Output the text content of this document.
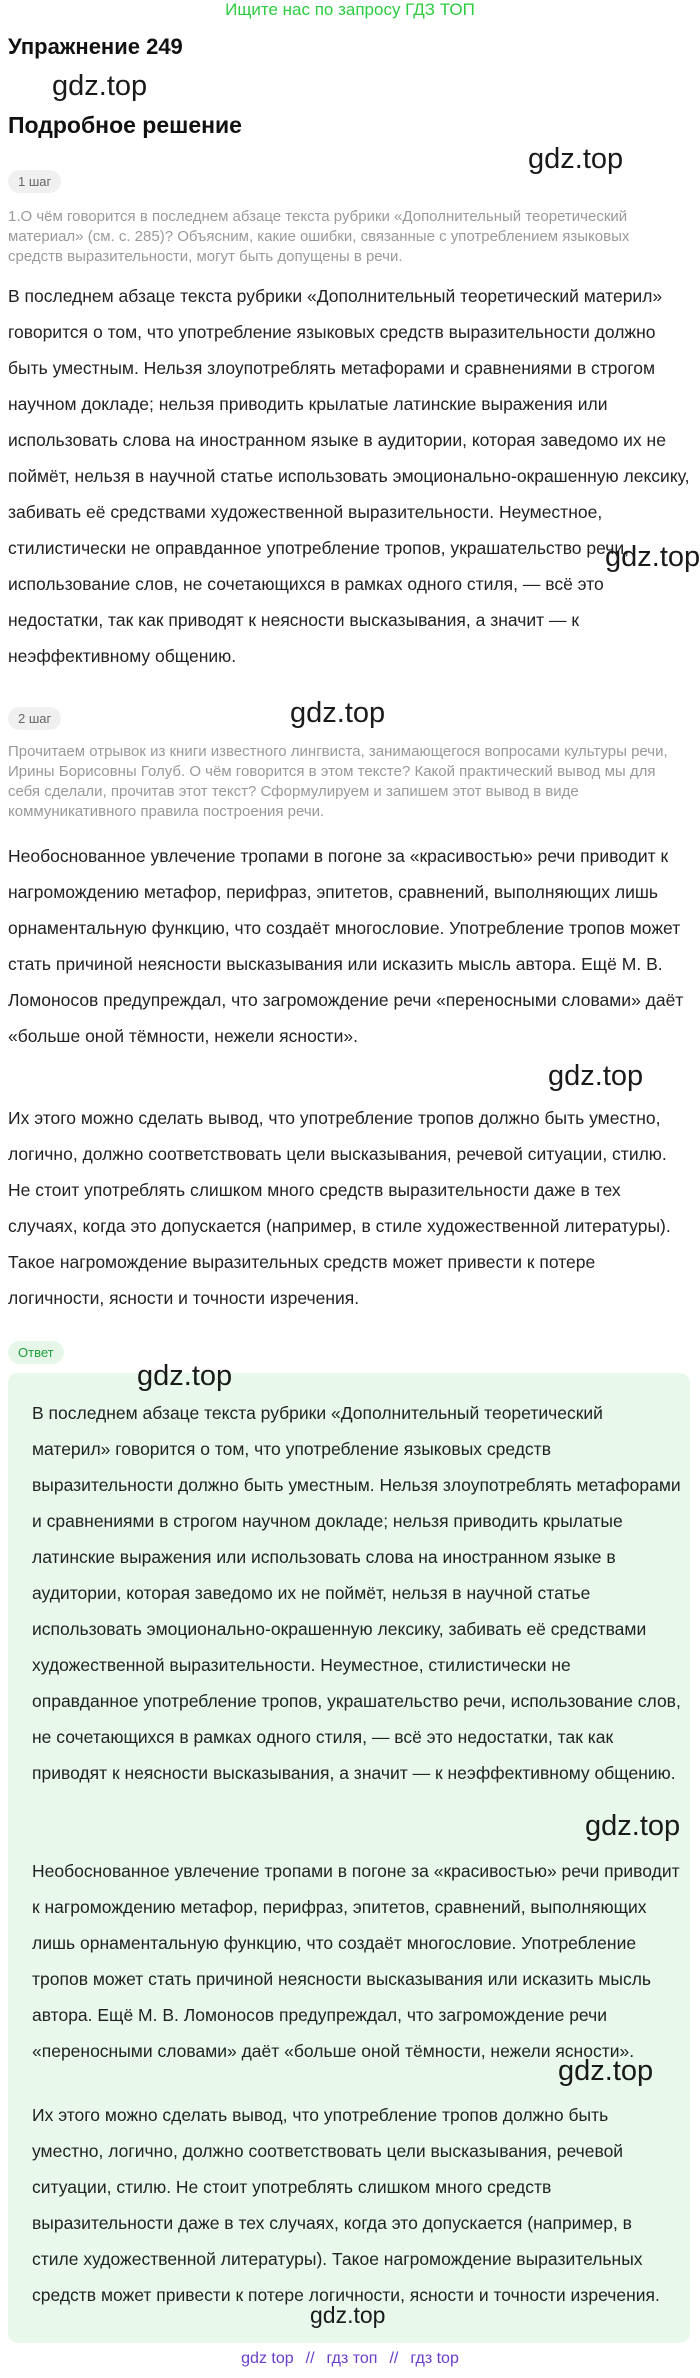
Ищите нас по запросу ГДЗ ТОП
Упражнение 249
gdz.top
Подробное решение
gdz.top
1 шаг
1.О чём говорится в последнем абзаце текста рубрики «Дополнительный теоретический материал» (см. с. 285)? Объясним, какие ошибки, связанные с употреблением языковых средств выразительности, могут быть допущены в речи.
В последнем абзаце текста рубрики «Дополнительный теоретический материл» говорится о том, что употребление языковых средств выразительности должно быть уместным. Нельзя злоупотреблять метафорами и сравнениями в строгом научном докладе; нельзя приводить крылатые латинские выражения или использовать слова на иностранном языке в аудитории, которая заведомо их не поймёт, нельзя в научной статье использовать эмоционально-окрашенную лексику, забивать её средствами художественной выразительности. Неуместное, стилистически не оправданное употребление тропов, украшательство речи, использование слов, не сочетающихся в рамках одного стиля, — всё это недостатки, так как приводят к неясности высказывания, а значит — к неэффективному общению.
gdz.top
2 шаг	gdz.top
Прочитаем отрывок из книги известного лингвиста, занимающегося вопросами культуры речи, Ирины Борисовны Голуб. О чём говорится в этом тексте? Какой практический вывод мы для себя сделали, прочитав этот текст? Сформулируем и запишем этот вывод в виде коммуникативного правила построения речи.
Необоснованное увлечение тропами в погоне за «красивостью» речи приводит к нагромождению метафор, перифраз, эпитетов, сравнений, выполняющих лишь орнаментальную функцию, что создаёт многословие. Употребление тропов может стать причиной неясности высказывания или исказить мысль автора. Ещё М. В. Ломоносов предупреждал, что загромождение речи «переносными словами» даёт «больше оной тёмности, нежели ясности».
gdz.top
Их этого можно сделать вывод, что употребление тропов должно быть уместно, логично, должно соответствовать цели высказывания, речевой ситуации, стилю. Не стоит употреблять слишком много средств выразительности даже в тех случаях, когда это допускается (например, в стиле художественной литературы). Такое нагромождение выразительных средств может привести к потере логичности, ясности и точности изречения.
Ответ
gdz.top
В последнем абзаце текста рубрики «Дополнительный теоретический материл» говорится о том, что употребление языковых средств выразительности должно быть уместным. Нельзя злоупотреблять метафорами и сравнениями в строгом научном докладе; нельзя приводить крылатые латинские выражения или использовать слова на иностранном языке в аудитории, которая заведомо их не поймёт, нельзя в научной статье использовать эмоционально-окрашенную лексику, забивать её средствами художественной выразительности. Неуместное, стилистически не оправданное употребление тропов, украшательство речи, использование слов, не сочетающихся в рамках одного стиля, — всё это недостатки, так как приводят к неясности высказывания, а значит — к неэффективному общению.
gdz.top
Необоснованное увлечение тропами в погоне за «красивостью» речи приводит к нагромождению метафор, перифраз, эпитетов, сравнений, выполняющих лишь орнаментальную функцию, что создаёт многословие. Употребление тропов может стать причиной неясности высказывания или исказить мысль автора. Ещё М. В. Ломоносов предупреждал, что загромождение речи «переносными словами» даёт «больше оной тёмности, нежели ясности».
gdz.top
Их этого можно сделать вывод, что употребление тропов должно быть уместно, логично, должно соответствовать цели высказывания, речевой ситуации, стилю. Не стоит употреблять слишком много средств выразительности даже в тех случаях, когда это допускается (например, в стиле художественной литературы). Такое нагромождение выразительных средств может привести к потере логичности, ясности и точности изречения.
gdz.top
gdz top // гдз топ // гдз top
